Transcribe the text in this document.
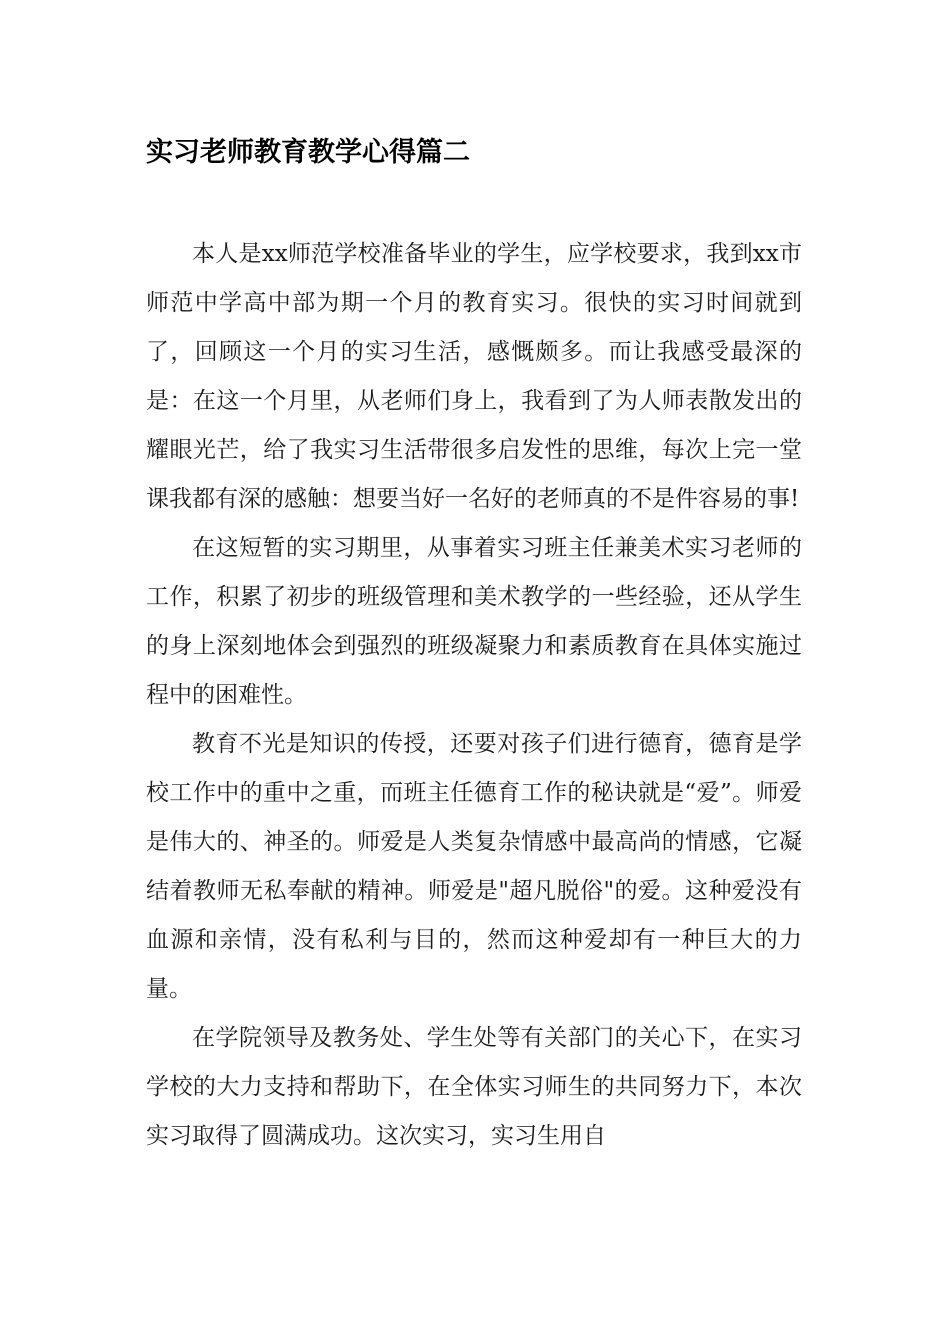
实习老师教育教学心得篇二

本人是xx师范学校准备毕业的学生，应学校要求，我到xx市师范中学高中部为期一个月的教育实习。很快的实习时间就到了，回顾这一个月的实习生活，感慨颇多。而让我感受最深的是：在这一个月里，从老师们身上，我看到了为人师表散发出的耀眼光芒，给了我实习生活带很多启发性的思维，每次上完一堂课我都有深的感触：想要当好一名好的老师真的不是件容易的事!

在这短暂的实习期里，从事着实习班主任兼美术实习老师的工作，积累了初步的班级管理和美术教学的一些经验，还从学生的身上深刻地体会到强烈的班级凝聚力和素质教育在具体实施过程中的困难性。

教育不光是知识的传授，还要对孩子们进行德育，德育是学校工作中的重中之重，而班主任德育工作的秘诀就是“爱”。师爱是伟大的、神圣的。师爱是人类复杂情感中最高尚的情感，它凝结着教师无私奉献的精神。师爱是"超凡脱俗"的爱。这种爱没有血源和亲情，没有私利与目的，然而这种爱却有一种巨大的力量。

在学院领导及教务处、学生处等有关部门的关心下，在实习学校的大力支持和帮助下，在全体实习师生的共同努力下，本次实习取得了圆满成功。这次实习，实习生用自
